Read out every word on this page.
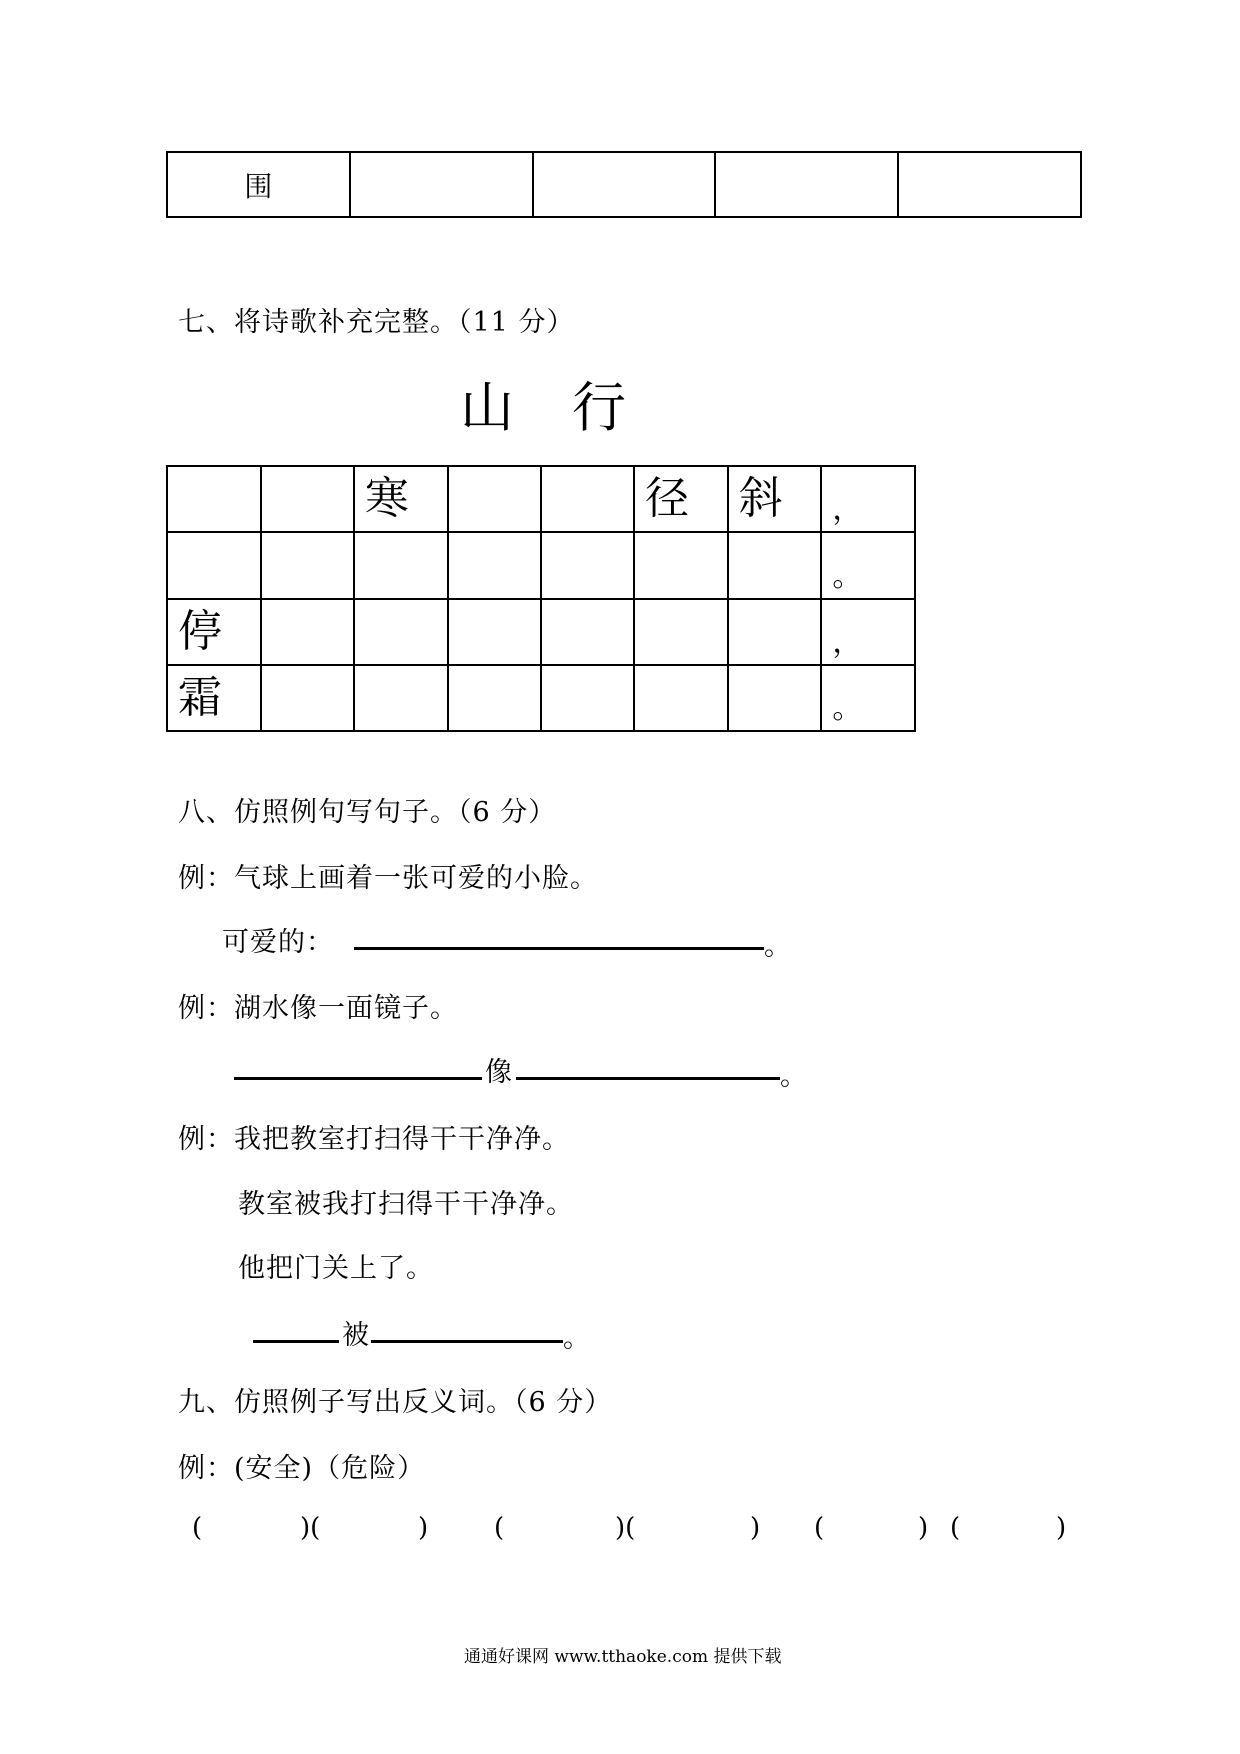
围				
七、将诗歌补充完整。（11 分）
山 行
		寒			径	斜	，
							。
停							，
霜							。
八、仿照例句写句子。（6 分）
例：气球上画着一张可爱的小脸。
可爱的：	。
例：湖水像一面镜子。
像	。
例：我把教室打扫得干干净净。
教室被我打扫得干干净净。
他把门关上了。
被	。
九、仿照例子写出反义词。（6 分）
例：(安全)（危险）
(	)(	)	(	)(	) (	) (	)
通通好课网 www.tthaoke.com 提供下载
